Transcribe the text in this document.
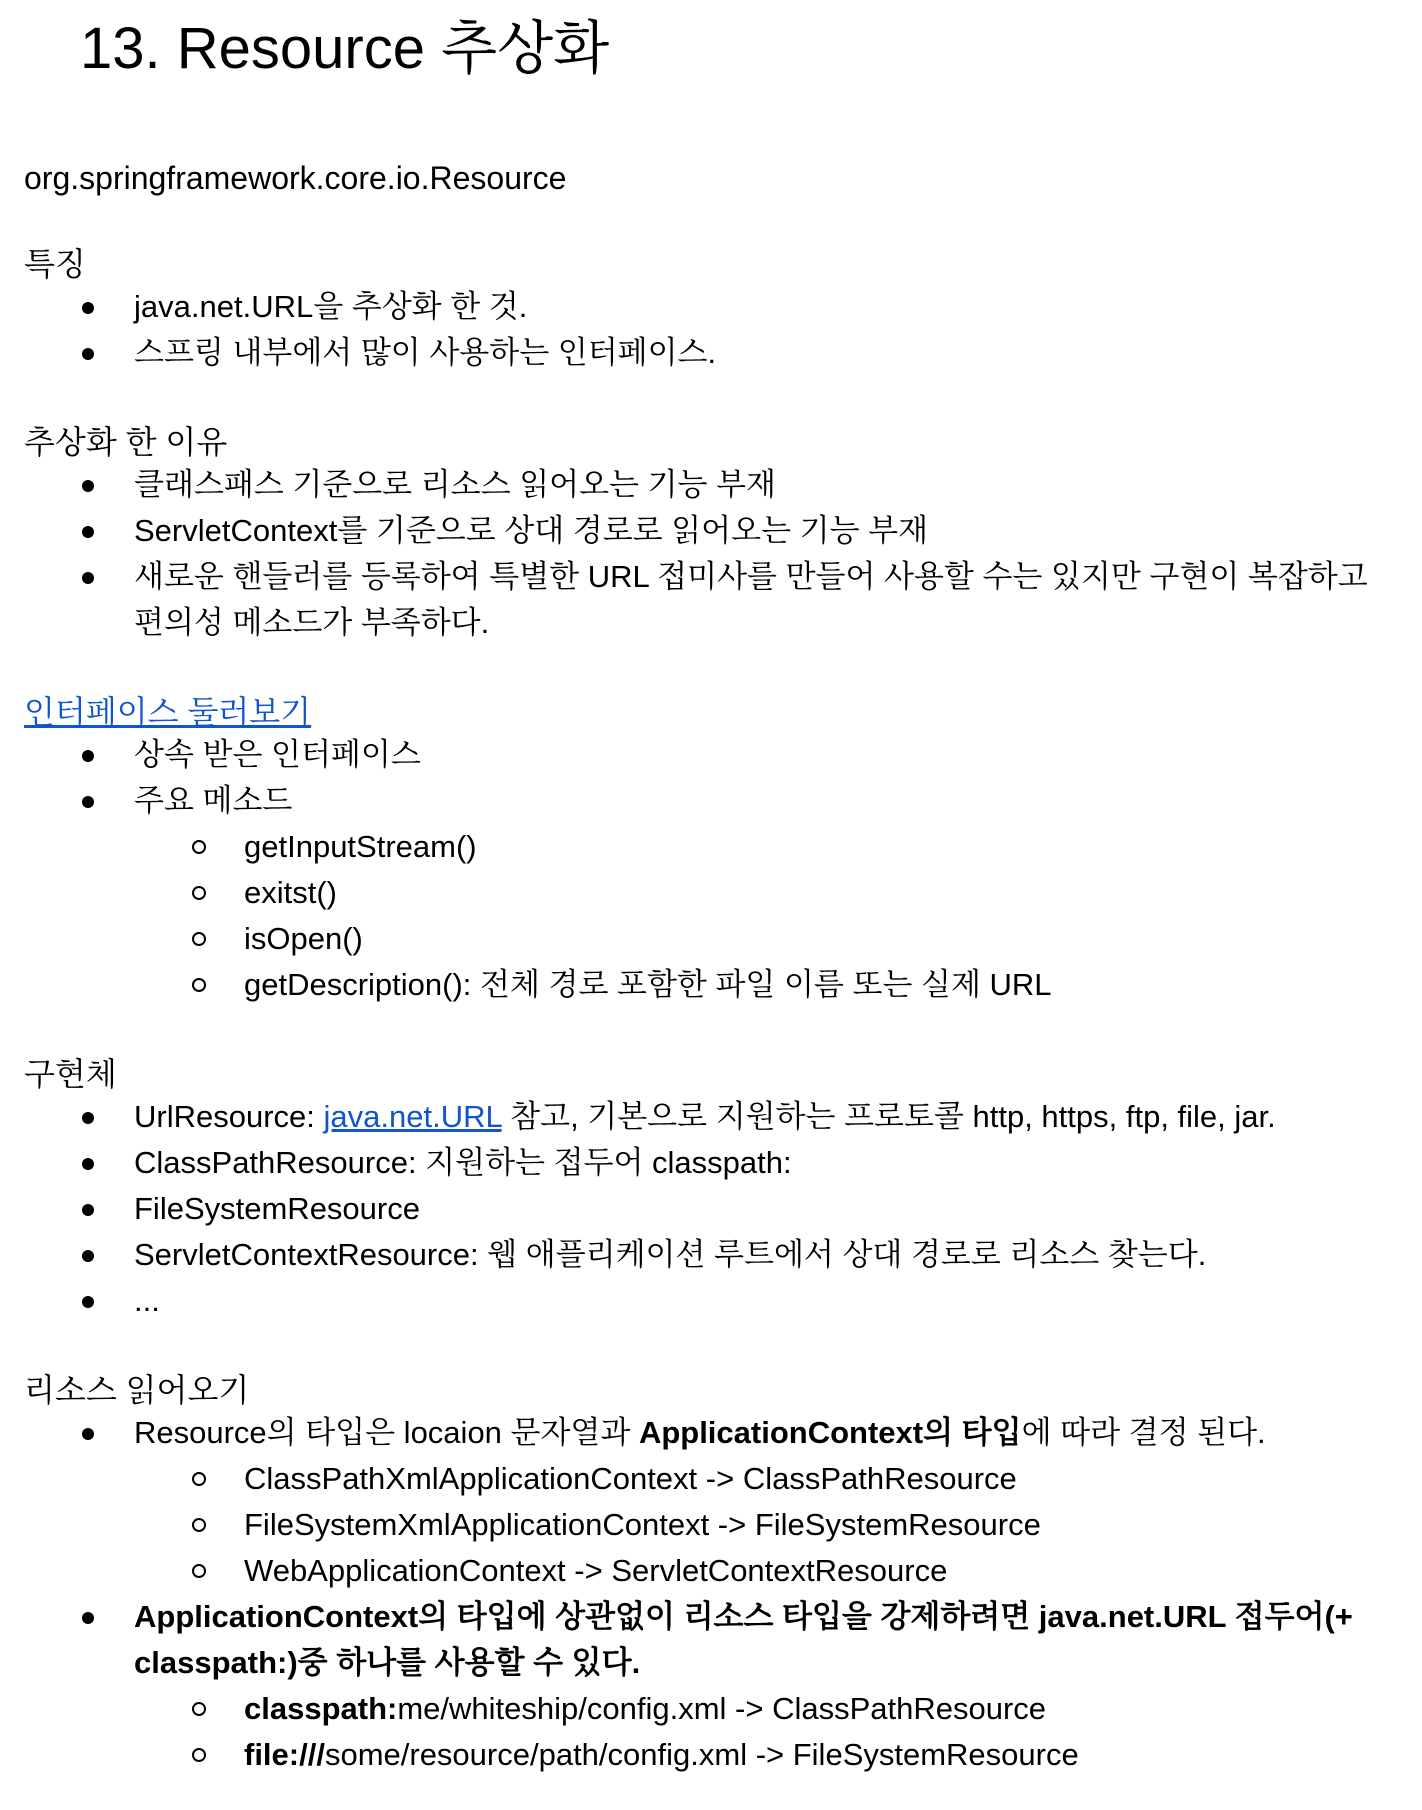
13. Resource 추상화
org.springframework.core.io.Resource
특징
java.net.URL을 추상화 한 것.
스프링 내부에서 많이 사용하는 인터페이스.
추상화 한 이유
클래스패스 기준으로 리소스 읽어오는 기능 부재
ServletContext를 기준으로 상대 경로로 읽어오는 기능 부재
새로운 핸들러를 등록하여 특별한 URL 접미사를 만들어 사용할 수는 있지만 구현이 복잡하고 편의성 메소드가 부족하다.
인터페이스 둘러보기
상속 받은 인터페이스
주요 메소드
getInputStream()
exitst()
isOpen()
getDescription(): 전체 경로 포함한 파일 이름 또는 실제 URL
구현체
UrlResource: java.net.URL 참고, 기본으로 지원하는 프로토콜 http, https, ftp, file, jar.
ClassPathResource: 지원하는 접두어 classpath:
FileSystemResource
ServletContextResource: 웹 애플리케이션 루트에서 상대 경로로 리소스 찾는다.
...
리소스 읽어오기
Resource의 타입은 locaion 문자열과 ApplicationContext의 타입에 따라 결정 된다.
ClassPathXmlApplicationContext -> ClassPathResource
FileSystemXmlApplicationContext -> FileSystemResource
WebApplicationContext -> ServletContextResource
ApplicationContext의 타입에 상관없이 리소스 타입을 강제하려면 java.net.URL 접두어(+ classpath:)중 하나를 사용할 수 있다.
classpath:me/whiteship/config.xml -> ClassPathResource
file:///some/resource/path/config.xml -> FileSystemResource
